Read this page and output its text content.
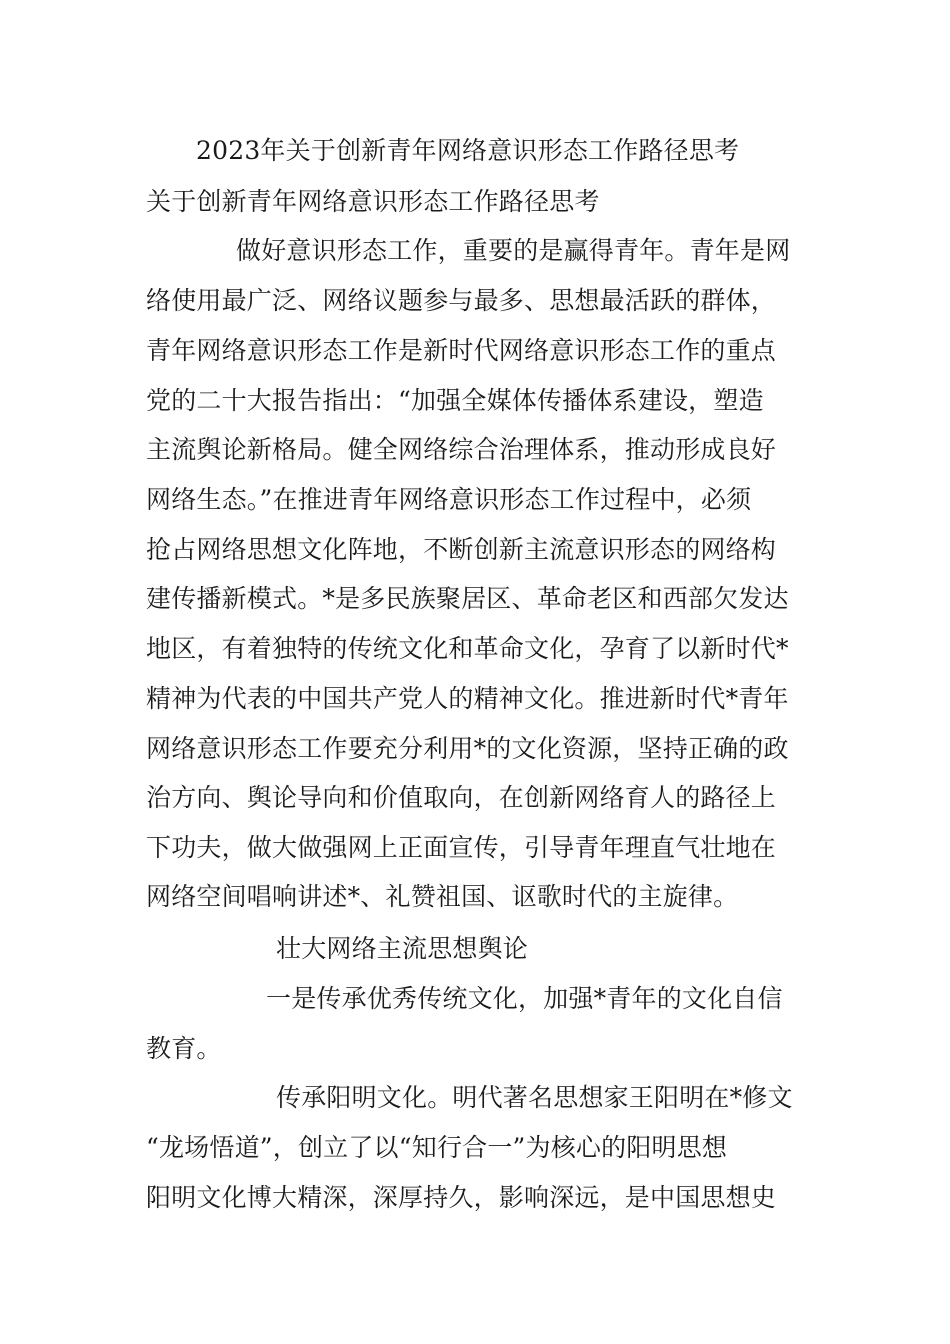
2023年关于创新青年网络意识形态工作路径思考
关于创新青年网络意识形态工作路径思考
做好意识形态工作，重要的是赢得青年。青年是网
络使用最广泛、网络议题参与最多、思想最活跃的群体，
青年网络意识形态工作是新时代网络意识形态工作的重点
党的二十大报告指出：“加强全媒体传播体系建设，塑造
主流舆论新格局。健全网络综合治理体系，推动形成良好
网络生态。”在推进青年网络意识形态工作过程中，必须
抢占网络思想文化阵地，不断创新主流意识形态的网络构
建传播新模式。*是多民族聚居区、革命老区和西部欠发达
地区，有着独特的传统文化和革命文化，孕育了以新时代*
精神为代表的中国共产党人的精神文化。推进新时代*青年
网络意识形态工作要充分利用*的文化资源，坚持正确的政
治方向、舆论导向和价值取向，在创新网络育人的路径上
下功夫，做大做强网上正面宣传，引导青年理直气壮地在
网络空间唱响讲述*、礼赞祖国、讴歌时代的主旋律。
壮大网络主流思想舆论
一是传承优秀传统文化，加强*青年的文化自信
教育。
传承阳明文化。明代著名思想家王阳明在*修文
“龙场悟道”，创立了以“知行合一”为核心的阳明思想
阳明文化博大精深，深厚持久，影响深远，是中国思想史
